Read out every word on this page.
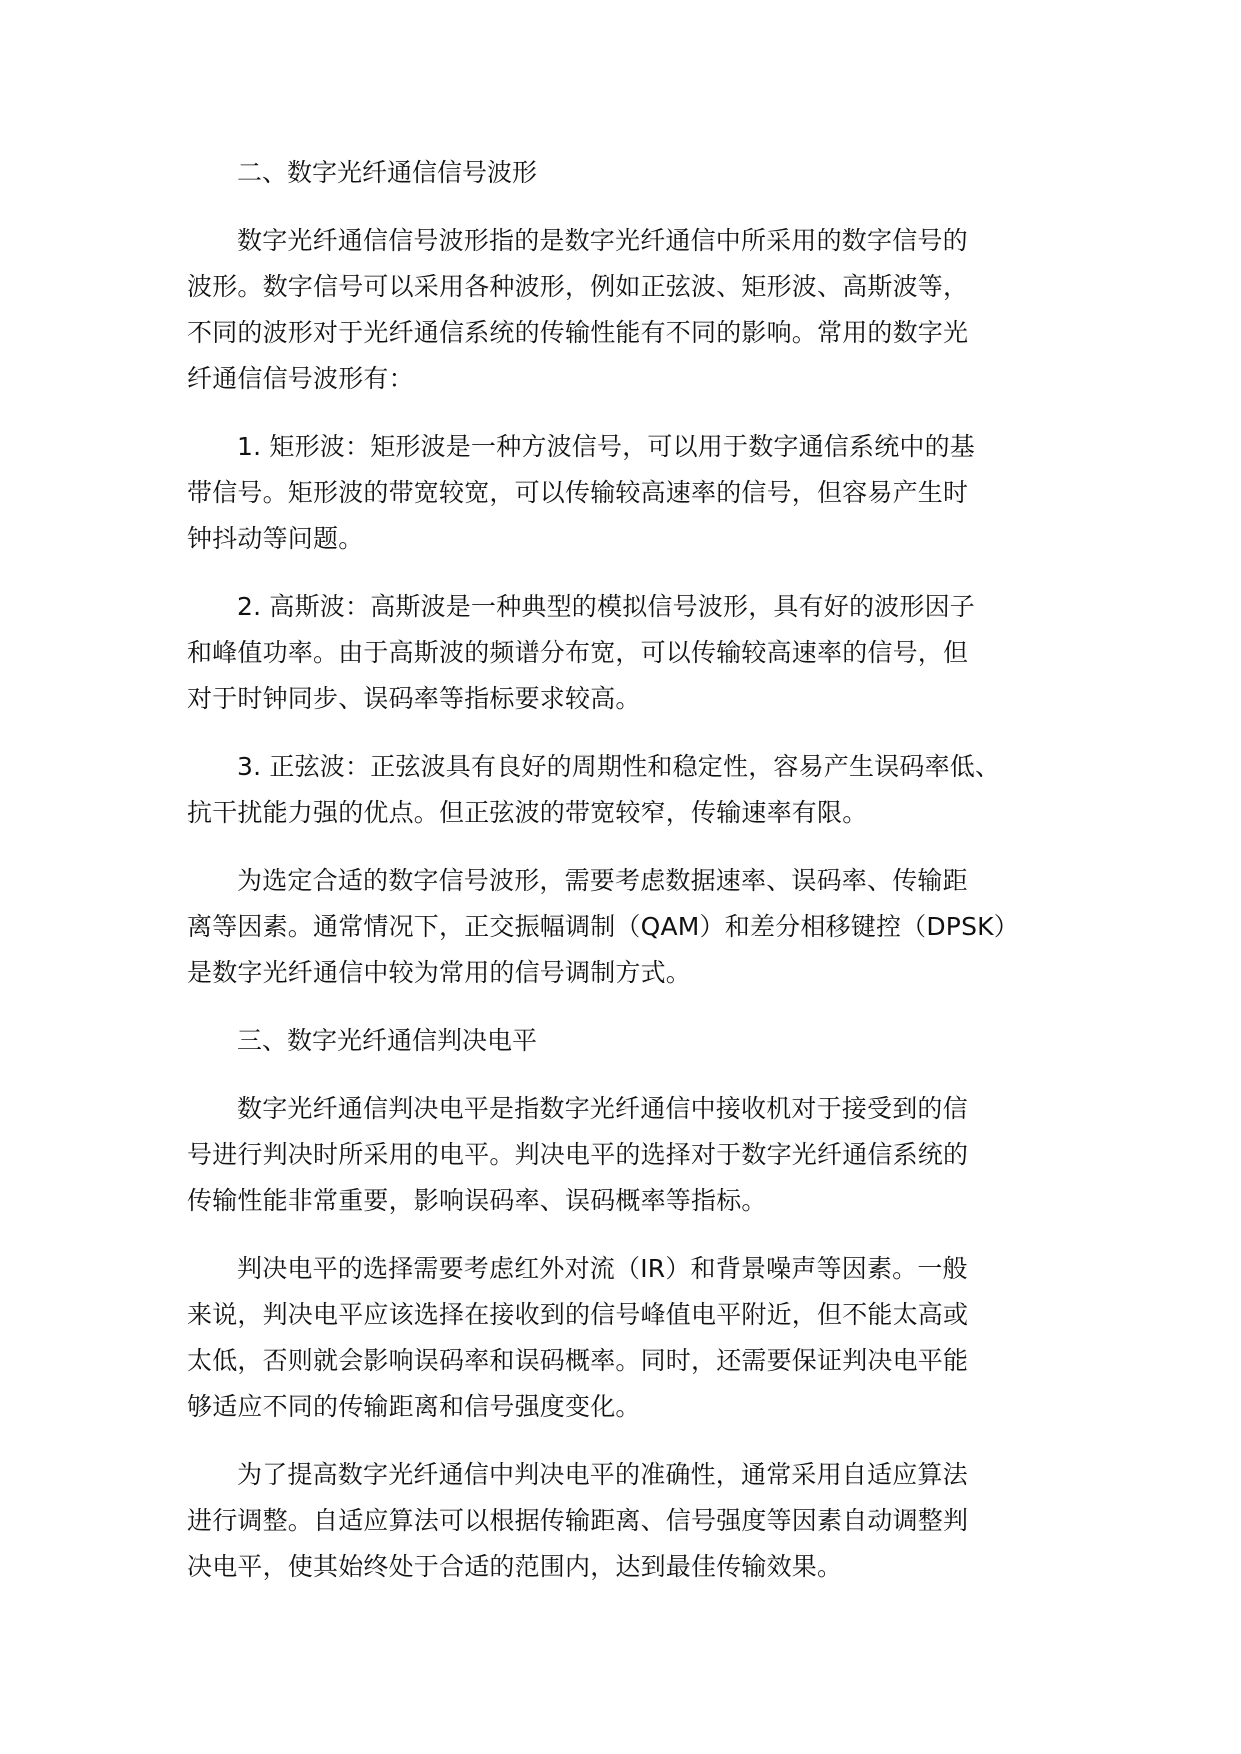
二、数字光纤通信信号波形

数字光纤通信信号波形指的是数字光纤通信中所采用的数字信号的
波形。数字信号可以采用各种波形，例如正弦波、矩形波、高斯波等，
不同的波形对于光纤通信系统的传输性能有不同的影响。常用的数字光
纤通信信号波形有：

1. 矩形波：矩形波是一种方波信号，可以用于数字通信系统中的基
带信号。矩形波的带宽较宽，可以传输较高速率的信号，但容易产生时
钟抖动等问题。

2. 高斯波：高斯波是一种典型的模拟信号波形，具有好的波形因子
和峰值功率。由于高斯波的频谱分布宽，可以传输较高速率的信号，但
对于时钟同步、误码率等指标要求较高。

3. 正弦波：正弦波具有良好的周期性和稳定性，容易产生误码率低、
抗干扰能力强的优点。但正弦波的带宽较窄，传输速率有限。

为选定合适的数字信号波形，需要考虑数据速率、误码率、传输距
离等因素。通常情况下，正交振幅调制（QAM）和差分相移键控（DPSK）
是数字光纤通信中较为常用的信号调制方式。

三、数字光纤通信判决电平

数字光纤通信判决电平是指数字光纤通信中接收机对于接受到的信
号进行判决时所采用的电平。判决电平的选择对于数字光纤通信系统的
传输性能非常重要，影响误码率、误码概率等指标。

判决电平的选择需要考虑红外对流（IR）和背景噪声等因素。一般
来说，判决电平应该选择在接收到的信号峰值电平附近，但不能太高或
太低，否则就会影响误码率和误码概率。同时，还需要保证判决电平能
够适应不同的传输距离和信号强度变化。

为了提高数字光纤通信中判决电平的准确性，通常采用自适应算法
进行调整。自适应算法可以根据传输距离、信号强度等因素自动调整判
决电平，使其始终处于合适的范围内，达到最佳传输效果。
